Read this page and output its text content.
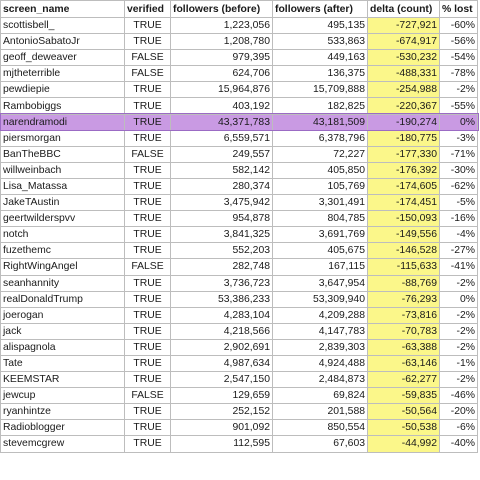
screen_name	verified	followers (before)	followers (after)	delta (count)	% lost
scottisbell_	TRUE	1,223,056	495,135	-727,921	-60%
AntonioSabatoJr	TRUE	1,208,780	533,863	-674,917	-56%
geoff_deweaver	FALSE	979,395	449,163	-530,232	-54%
mjtheterrible	FALSE	624,706	136,375	-488,331	-78%
pewdiepie	TRUE	15,964,876	15,709,888	-254,988	-2%
Rambobiggs	TRUE	403,192	182,825	-220,367	-55%
narendramodi	TRUE	43,371,783	43,181,509	-190,274	0%
piersmorgan	TRUE	6,559,571	6,378,796	-180,775	-3%
BanTheBBC	FALSE	249,557	72,227	-177,330	-71%
willweinbach	TRUE	582,142	405,850	-176,392	-30%
Lisa_Matassa	TRUE	280,374	105,769	-174,605	-62%
JakeTAustin	TRUE	3,475,942	3,301,491	-174,451	-5%
geertwilderspvv	TRUE	954,878	804,785	-150,093	-16%
notch	TRUE	3,841,325	3,691,769	-149,556	-4%
fuzethemc	TRUE	552,203	405,675	-146,528	-27%
RightWingAngel	FALSE	282,748	167,115	-115,633	-41%
seanhannity	TRUE	3,736,723	3,647,954	-88,769	-2%
realDonaldTrump	TRUE	53,386,233	53,309,940	-76,293	0%
joerogan	TRUE	4,283,104	4,209,288	-73,816	-2%
jack	TRUE	4,218,566	4,147,783	-70,783	-2%
alispagnola	TRUE	2,902,691	2,839,303	-63,388	-2%
Tate	TRUE	4,987,634	4,924,488	-63,146	-1%
KEEMSTAR	TRUE	2,547,150	2,484,873	-62,277	-2%
jewcup	FALSE	129,659	69,824	-59,835	-46%
ryanhintze	TRUE	252,152	201,588	-50,564	-20%
Radioblogger	TRUE	901,092	850,554	-50,538	-6%
stevemcgrew	TRUE	112,595	67,603	-44,992	-40%
